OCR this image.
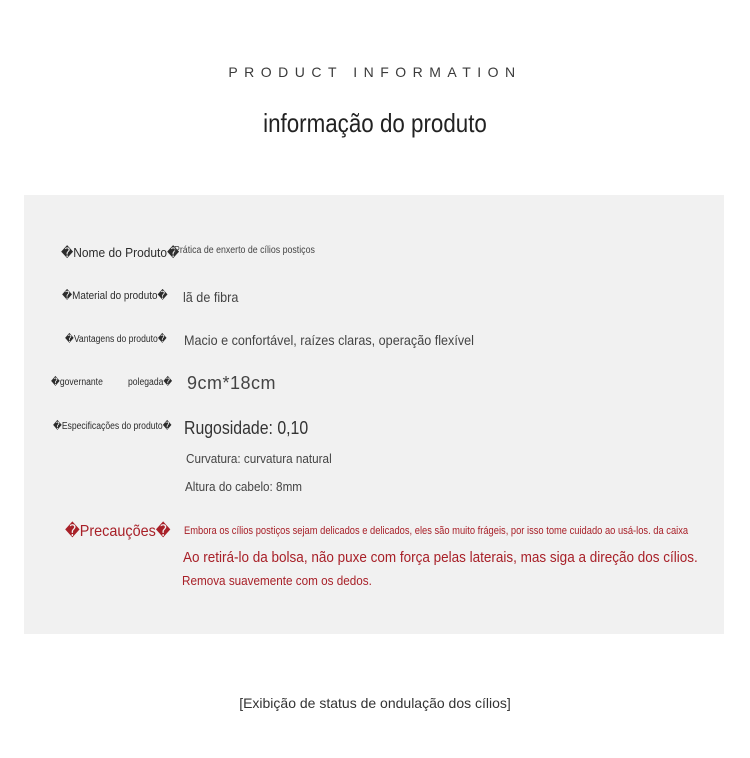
PRODUCT INFORMATION
informação do produto
�Nome do Produto�
Prática de enxerto de cílios postiços
�Material do produto� lã de fibra
�Vantagens do produto� Macio e confortável, raízes claras, operação flexível
�governante	polegada� 9cm*18cm
�Especificações do produto� Rugosidade: 0,10
Curvatura: curvatura natural
Altura do cabelo: 8mm
�Precauções� Embora os cílios postiços sejam delicados e delicados, eles são muito frágeis, por isso tome cuidado ao usá-los. da caixa
Ao retirá-lo da bolsa, não puxe com força pelas laterais, mas siga a direção dos cílios.
Remova suavemente com os dedos.
[Exibição de status de ondulação dos cílios]
